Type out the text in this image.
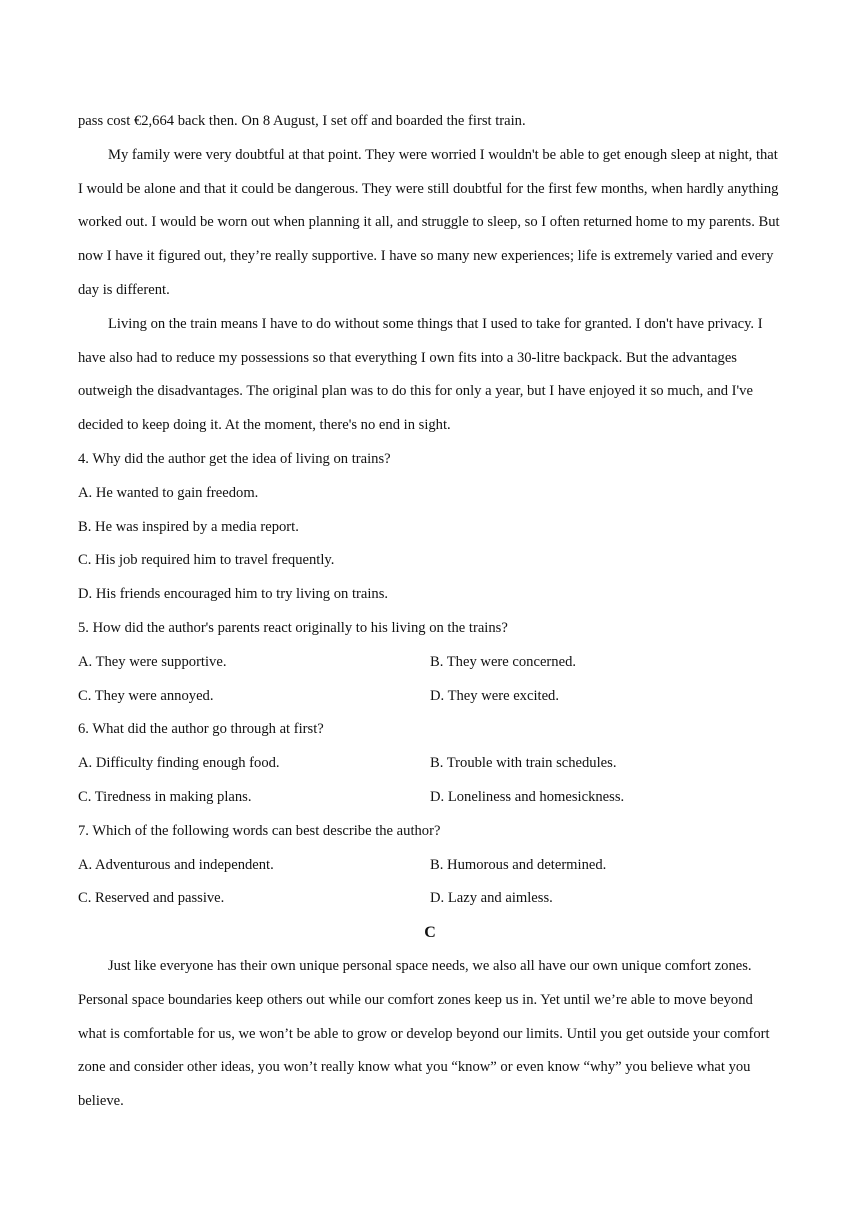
pass cost €2,664 back then. On 8 August, I set off and boarded the first train.
My family were very doubtful at that point. They were worried I wouldn't be able to get enough sleep at night, that I would be alone and that it could be dangerous. They were still doubtful for the first few months, when hardly anything worked out. I would be worn out when planning it all, and struggle to sleep, so I often returned home to my parents. But now I have it figured out, they’re really supportive. I have so many new experiences; life is extremely varied and every day is different.
Living on the train means I have to do without some things that I used to take for granted. I don't have privacy. I have also had to reduce my possessions so that everything I own fits into a 30-litre backpack. But the advantages outweigh the disadvantages. The original plan was to do this for only a year, but I have enjoyed it so much, and I've decided to keep doing it. At the moment, there's no end in sight.
4. Why did the author get the idea of living on trains?
A. He wanted to gain freedom.
B. He was inspired by a media report.
C. His job required him to travel frequently.
D. His friends encouraged him to try living on trains.
5. How did the author's parents react originally to his living on the trains?
A. They were supportive.	B. They were concerned.
C. They were annoyed.	D. They were excited.
6. What did the author go through at first?
A. Difficulty finding enough food.	B. Trouble with train schedules.
C. Tiredness in making plans.	D. Loneliness and homesickness.
7. Which of the following words can best describe the author?
A. Adventurous and independent.	B. Humorous and determined.
C. Reserved and passive.	D. Lazy and aimless.
C
Just like everyone has their own unique personal space needs, we also all have our own unique comfort zones. Personal space boundaries keep others out while our comfort zones keep us in. Yet until we’re able to move beyond what is comfortable for us, we won’t be able to grow or develop beyond our limits. Until you get outside your comfort zone and consider other ideas, you won’t really know what you “know” or even know “why” you believe what you believe.
